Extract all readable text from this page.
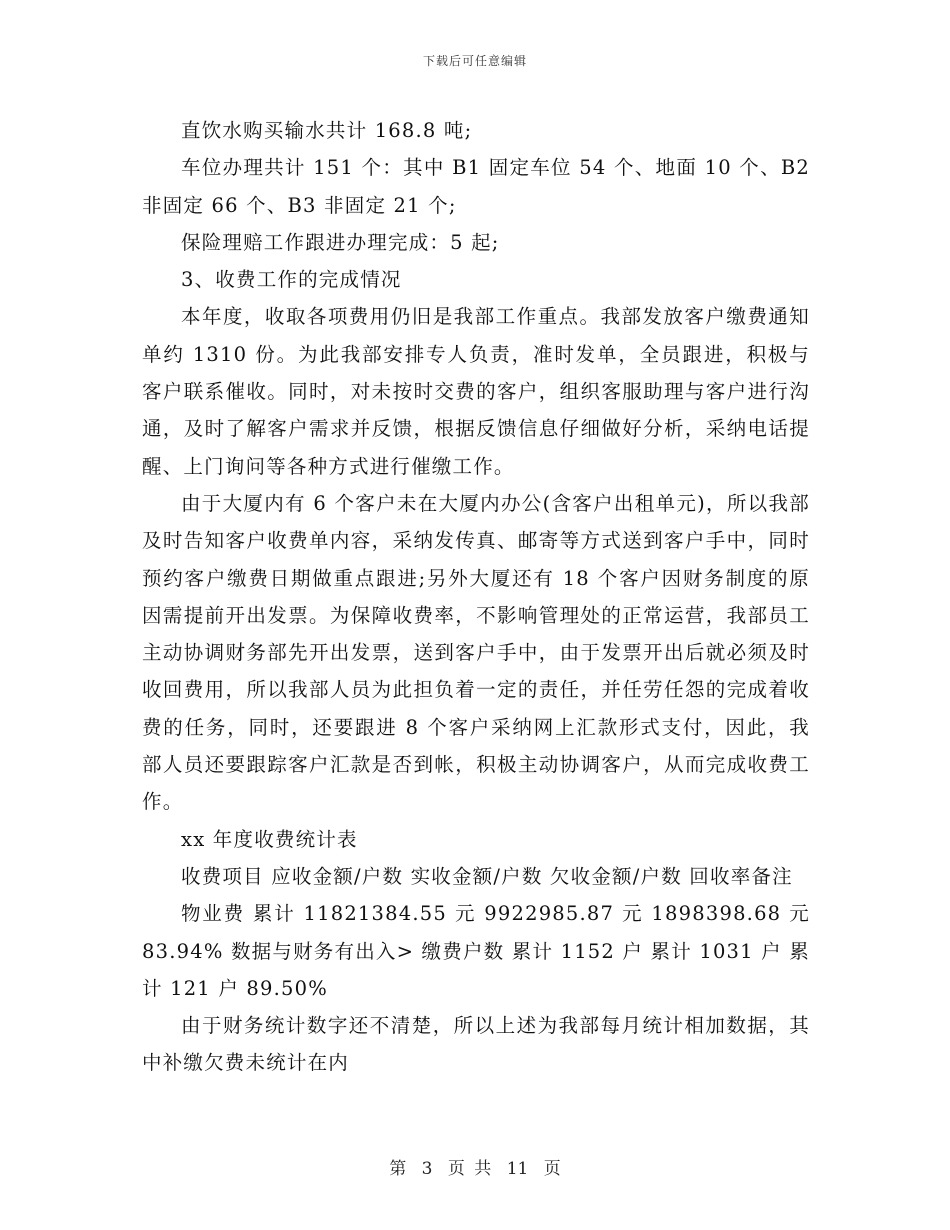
下载后可任意编辑

直饮水购买输水共计 168.8 吨;

车位办理共计 151 个：其中 B1 固定车位 54 个、地面 10 个、B2 非固定 66 个、B3 非固定 21 个;

保险理赔工作跟进办理完成：5 起;

3、收费工作的完成情况

本年度，收取各项费用仍旧是我部工作重点。我部发放客户缴费通知单约 1310 份。为此我部安排专人负责，准时发单，全员跟进，积极与客户联系催收。同时，对未按时交费的客户，组织客服助理与客户进行沟通，及时了解客户需求并反馈，根据反馈信息仔细做好分析，采纳电话提醒、上门询问等各种方式进行催缴工作。

由于大厦内有 6 个客户未在大厦内办公(含客户出租单元)，所以我部及时告知客户收费单内容，采纳发传真、邮寄等方式送到客户手中，同时预约客户缴费日期做重点跟进;另外大厦还有 18 个客户因财务制度的原因需提前开出发票。为保障收费率，不影响管理处的正常运营，我部员工主动协调财务部先开出发票，送到客户手中，由于发票开出后就必须及时收回费用，所以我部人员为此担负着一定的责任，并任劳任怨的完成着收费的任务，同时，还要跟进 8 个客户采纳网上汇款形式支付，因此，我部人员还要跟踪客户汇款是否到帐，积极主动协调客户，从而完成收费工作。

xx 年度收费统计表

收费项目 应收金额/户数 实收金额/户数 欠收金额/户数 回收率备注

物业费 累计 11821384.55 元 9922985.87 元 1898398.68 元 83.94% 数据与财务有出入> 缴费户数 累计 1152 户 累计 1031 户 累计 121 户 89.50%

由于财务统计数字还不清楚，所以上述为我部每月统计相加数据，其中补缴欠费未统计在内

第 3 页 共 11 页
